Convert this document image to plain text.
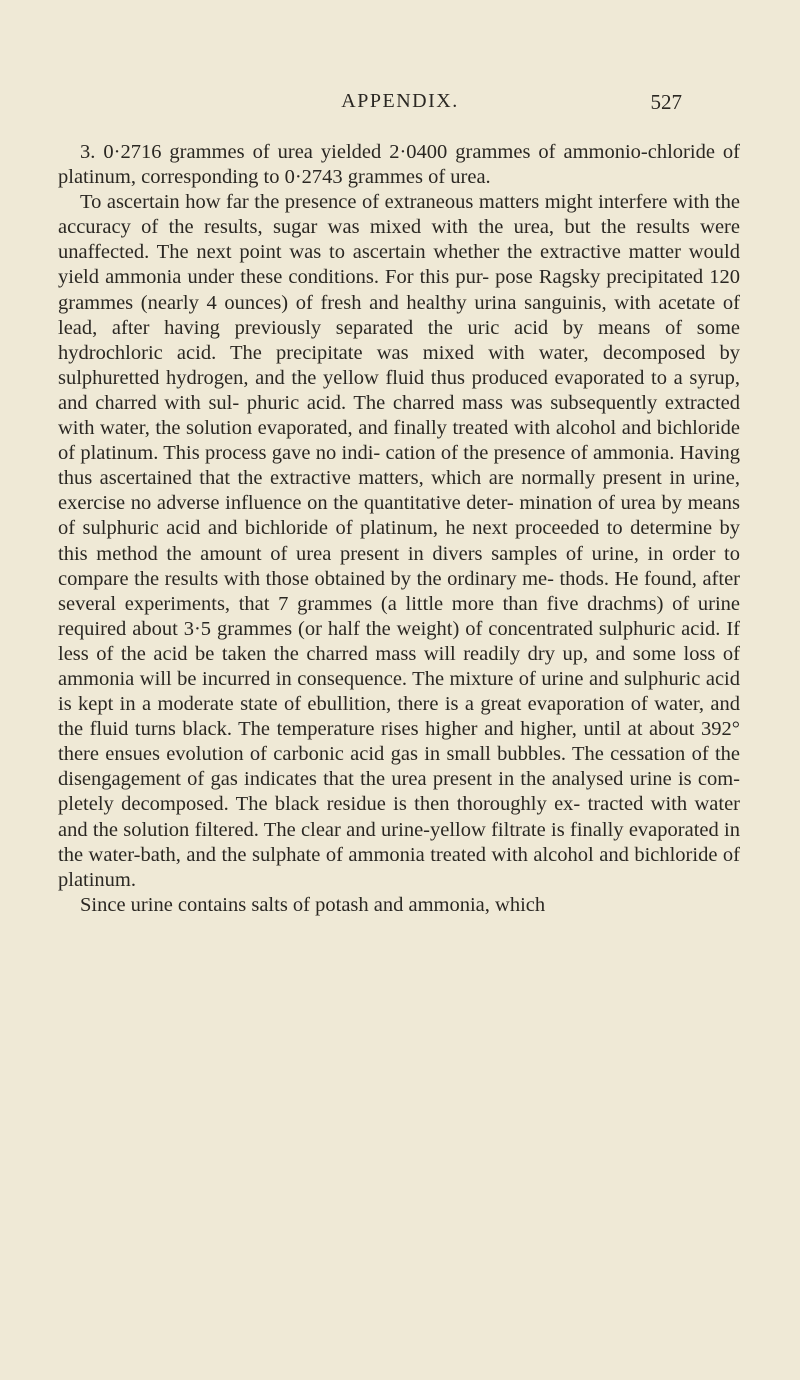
APPENDIX.	527

3. 0·2716 grammes of urea yielded 2·0400 grammes of ammonio-chloride of platinum, corresponding to 0·2743 grammes of urea.

To ascertain how far the presence of extraneous matters might interfere with the accuracy of the results, sugar was mixed with the urea, but the results were unaffected. The next point was to ascertain whether the extractive matter would yield ammonia under these conditions. For this pur- pose Ragsky precipitated 120 grammes (nearly 4 ounces) of fresh and healthy urina sanguinis, with acetate of lead, after having previously separated the uric acid by means of some hydrochloric acid. The precipitate was mixed with water, decomposed by sulphuretted hydrogen, and the yellow fluid thus produced evaporated to a syrup, and charred with sul- phuric acid. The charred mass was subsequently extracted with water, the solution evaporated, and finally treated with alcohol and bichloride of platinum. This process gave no indi- cation of the presence of ammonia. Having thus ascertained that the extractive matters, which are normally present in urine, exercise no adverse influence on the quantitative deter- mination of urea by means of sulphuric acid and bichloride of platinum, he next proceeded to determine by this method the amount of urea present in divers samples of urine, in order to compare the results with those obtained by the ordinary me- thods. He found, after several experiments, that 7 grammes (a little more than five drachms) of urine required about 3·5 grammes (or half the weight) of concentrated sulphuric acid. If less of the acid be taken the charred mass will readily dry up, and some loss of ammonia will be incurred in consequence. The mixture of urine and sulphuric acid is kept in a moderate state of ebullition, there is a great evaporation of water, and the fluid turns black. The temperature rises higher and higher, until at about 392° there ensues evolution of carbonic acid gas in small bubbles. The cessation of the disengagement of gas indicates that the urea present in the analysed urine is com- pletely decomposed. The black residue is then thoroughly ex- tracted with water and the solution filtered. The clear and urine-yellow filtrate is finally evaporated in the water-bath, and the sulphate of ammonia treated with alcohol and bichloride of platinum.

Since urine contains salts of potash and ammonia, which
